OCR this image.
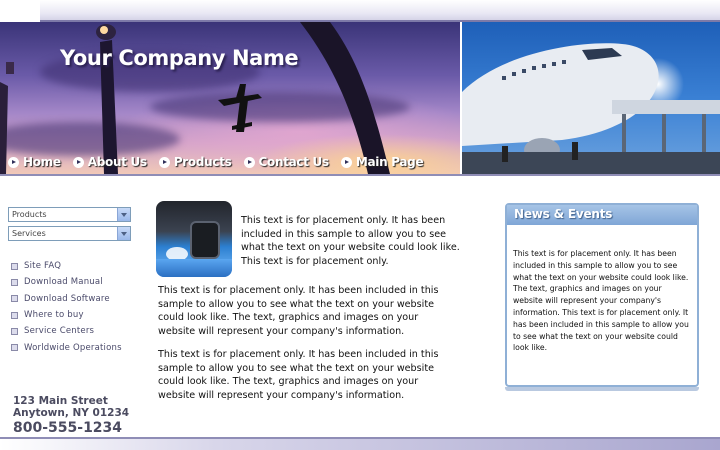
Your Company Name
Home About Us Products Contact Us Main Page
Products
Services
Site FAQ
Download Manual
Download Software
Where to buy
Service Centers
Worldwide Operations
123 Main Street
Anytown, NY 01234
800-555-1234

This text is for placement only. It has been included in this sample to allow you to see what the text on your website could look like. This text is for placement only.

This text is for placement only. It has been included in this sample to allow you to see what the text on your website could look like. The text, graphics and images on your website will represent your company's information.

This text is for placement only. It has been included in this sample to allow you to see what the text on your website could look like. The text, graphics and images on your website will represent your company's information.

News & Events

This text is for placement only. It has been included in this sample to allow you to see what the text on your website could look like. The text, graphics and images on your website will represent your company's information. This text is for placement only. It has been included in this sample to allow you to see what the text on your website could look like.
